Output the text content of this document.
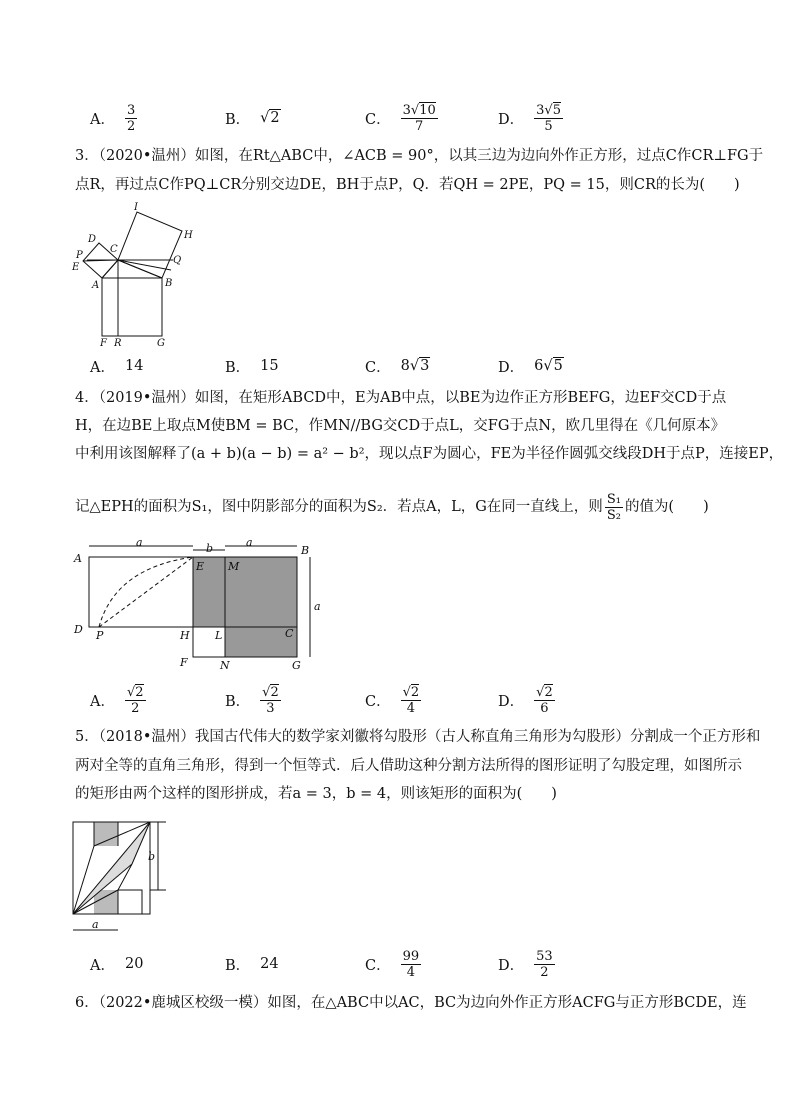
A． $\frac{3}{2}$	B． √2	C． $\frac{3√10}{7}$	D． $\frac{3√5}{5}$
3．（2020•温州）如图，在Rt△ABC中，∠ACB = 90°，以其三边为边向外作正方形，过点C作CR⊥FG于
点R，再过点C作PQ⊥CR分别交边DE，BH于点P，Q．若QH = 2PE，PQ = 15，则CR的长为(　　)
I
H
D
C
P	Q
E
A	B
F R	G
A． 14	B． 15	C． 8 √3	D． 6 √5
4．（2019•温州）如图，在矩形ABCD中，E为AB中点，以BE为边作正方形BEFG，边EF交CD于点
H，在边BE上取点M使BM = BC，作MN//BG交CD于点L，交FG于点N，欧几里得在《几何原本》
中利用该图解释了(a + b)(a − b) = a² − b²，现以点F为圆心，FE为半径作圆弧交线段DH于点P，连接EP，
记△EPH的面积为S₁，图中阴影部分的面积为S₂．若点A，L，G在同一直线上，则 $\frac{\text{S₁}}{\text{S₂}}$ 的值为(　　)
a	b	a
A
E M
B
a
D P	H L	C
F	N	G
A． $\frac{√2}{2}$	B． $\frac{√2}{3}$	C． $\frac{√2}{4}$	D． $\frac{√2}{6}$
5．（2018•温州）我国古代伟大的数学家刘徽将勾股形（古人称直角三角形为勾股形）分割成一个正方形和
两对全等的直角三角形，得到一个恒等式．后人借助这种分割方法所得的图形证明了勾股定理，如图所示
的矩形由两个这样的图形拼成，若a = 3，b = 4，则该矩形的面积为(　　)
b
a
A． 20	B． 24	C． $\frac{99}{4}$	D． $\frac{53}{2}$
6．（2022•鹿城区校级一模）如图，在△ABC中以AC，BC为边向外作正方形ACFG与正方形BCDE，连
